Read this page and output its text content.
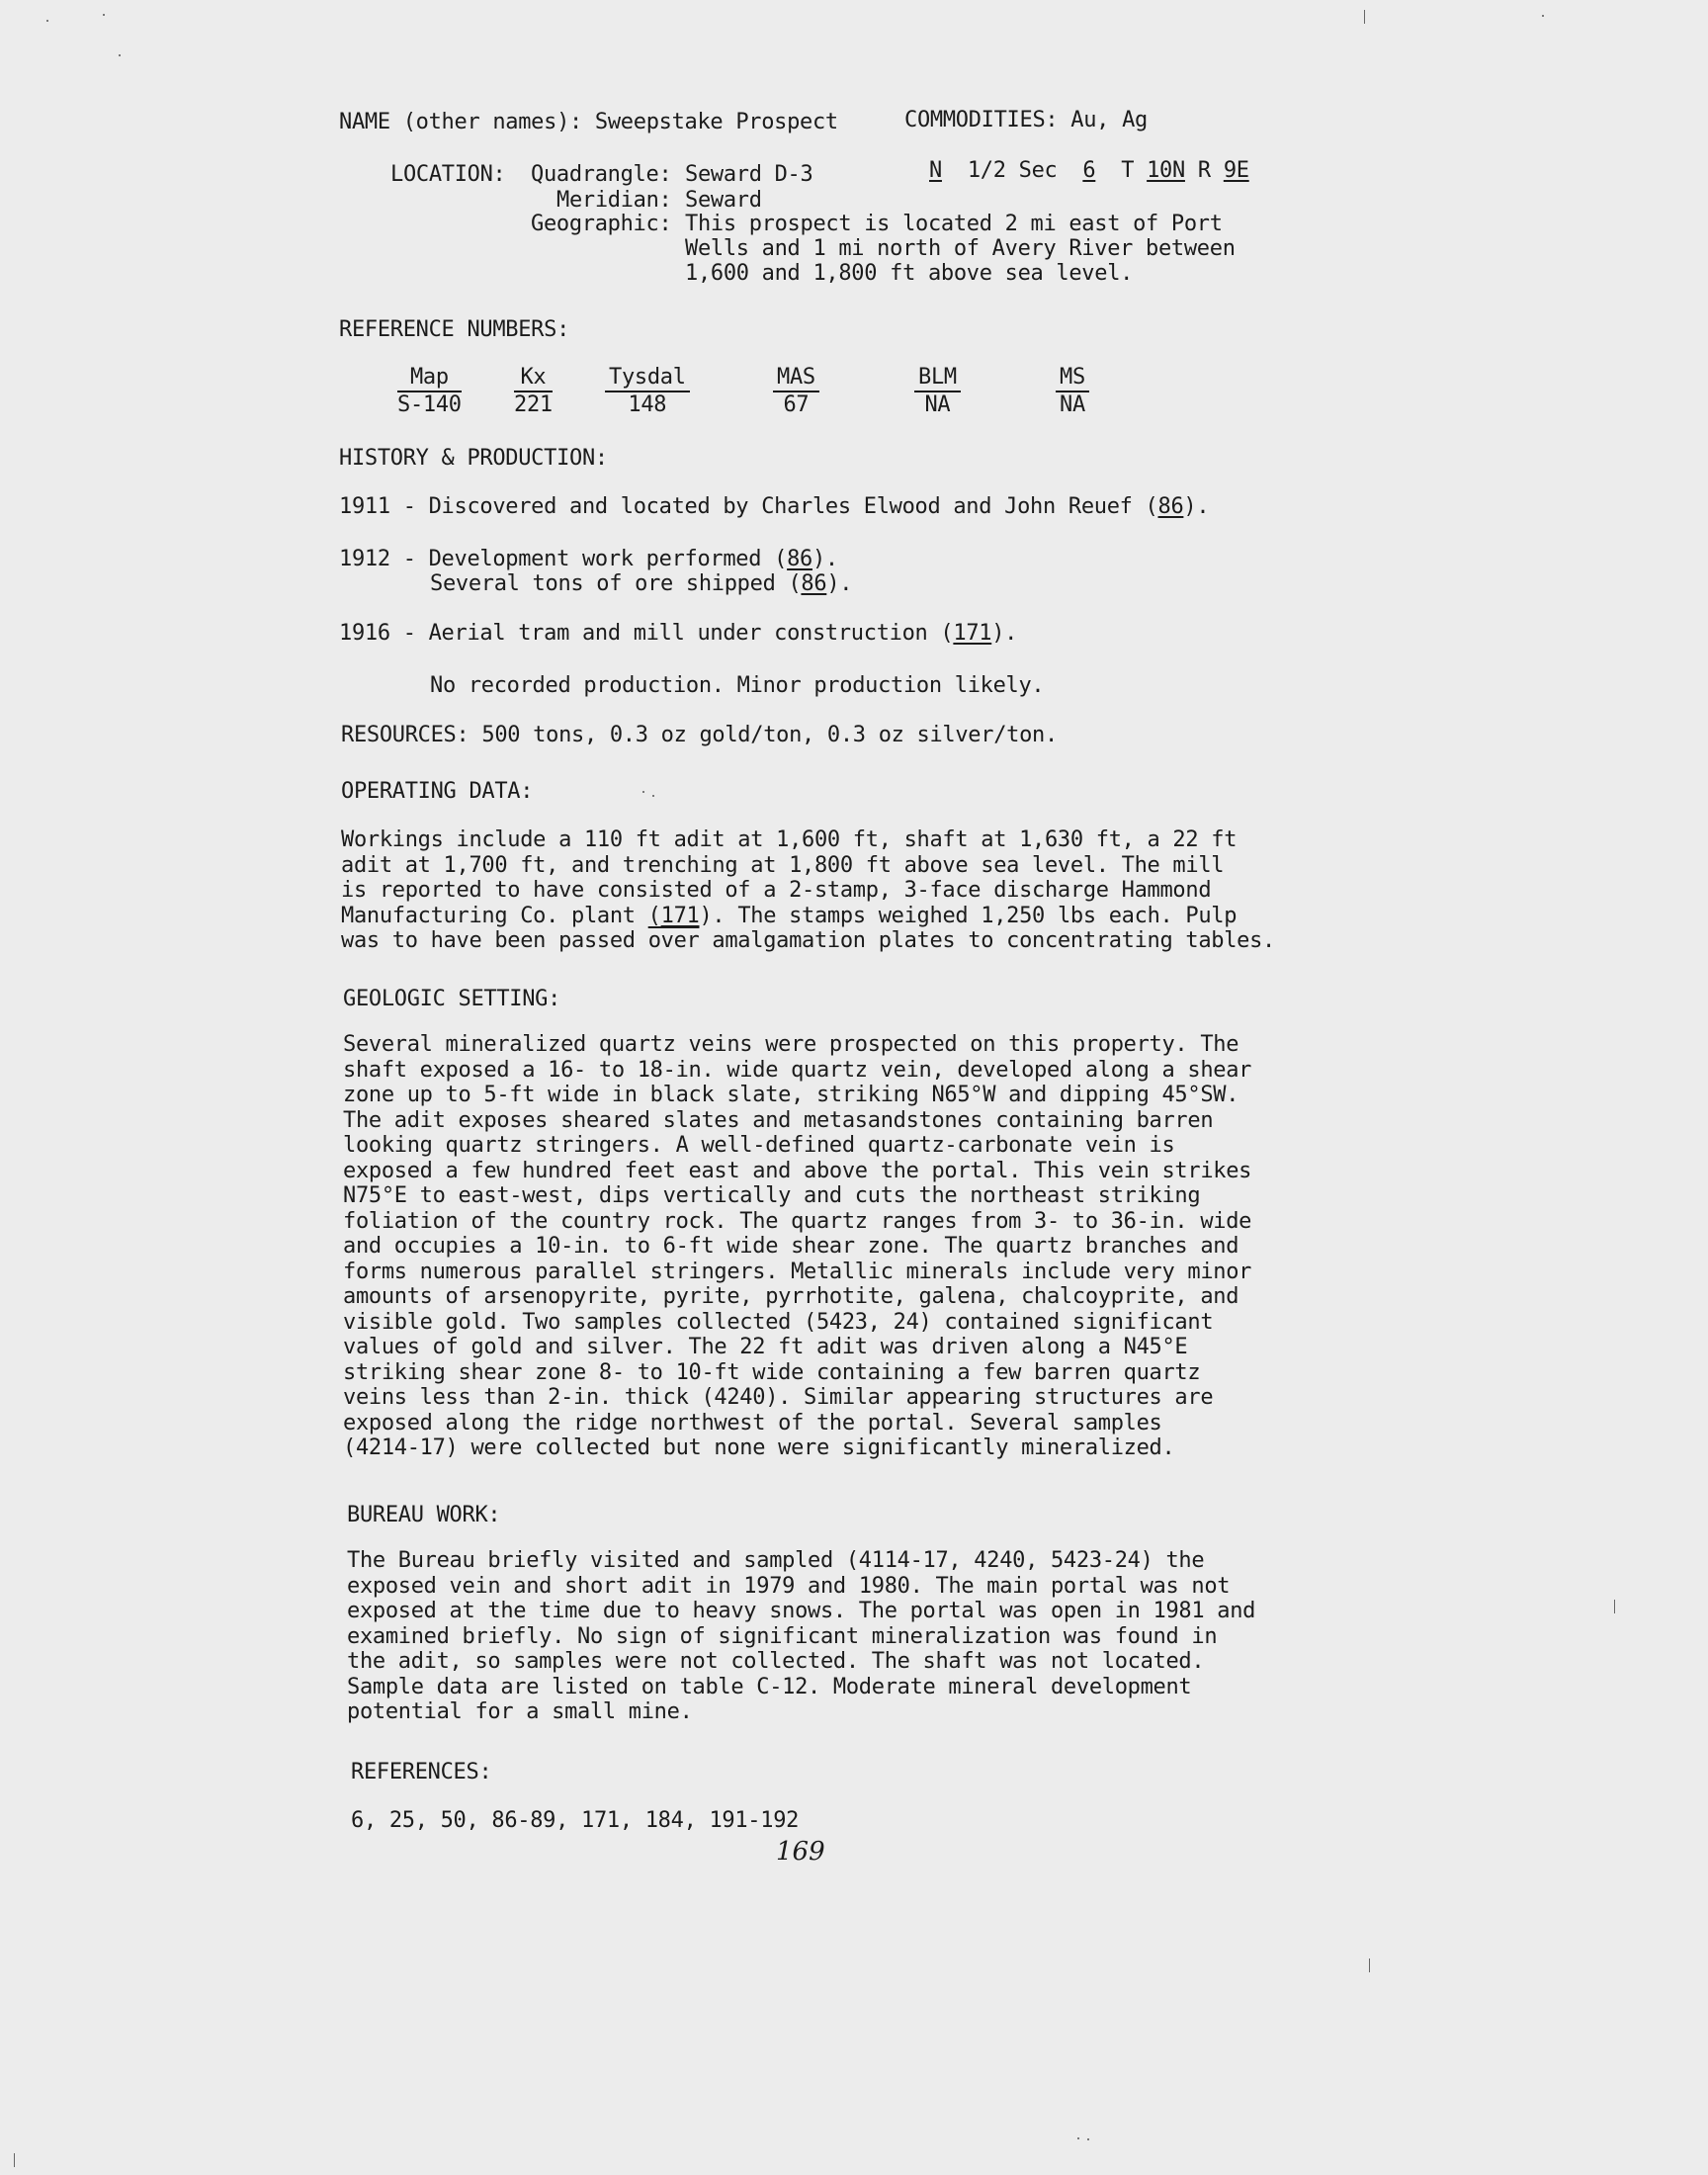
NAME (other names): Sweepstake Prospect	COMMODITIES: Au, Ag
LOCATION: Quadrangle: Seward D-3	N 1/2 Sec 6 T 10N R 9E
Meridian: Seward
Geographic: This prospect is located 2 mi east of Port
Wells and 1 mi north of Avery River between
1,600 and 1,800 ft above sea level.
REFERENCE NUMBERS:
Map
S-140
Kx
221
Tysdal
148
MAS
67
BLM
NA
MS
NA
HISTORY & PRODUCTION:
1911 - Discovered and located by Charles Elwood and John Reuef (86).
1912 - Development work performed (86).
Several tons of ore shipped (86).
1916 - Aerial tram and mill under construction (171).
No recorded production. Minor production likely.
RESOURCES: 500 tons, 0.3 oz gold/ton, 0.3 oz silver/ton.
OPERATING DATA:
Workings include a 110 ft adit at 1,600 ft, shaft at 1,630 ft, a 22 ft
adit at 1,700 ft, and trenching at 1,800 ft above sea level. The mill
is reported to have consisted of a 2-stamp, 3-face discharge Hammond
Manufacturing Co. plant (171). The stamps weighed 1,250 lbs each. Pulp
was to have been passed over amalgamation plates to concentrating tables.
GEOLOGIC SETTING:
Several mineralized quartz veins were prospected on this property. The
shaft exposed a 16- to 18-in. wide quartz vein, developed along a shear
zone up to 5-ft wide in black slate, striking N65°W and dipping 45°SW.
The adit exposes sheared slates and metasandstones containing barren
looking quartz stringers. A well-defined quartz-carbonate vein is
exposed a few hundred feet east and above the portal. This vein strikes
N75°E to east-west, dips vertically and cuts the northeast striking
foliation of the country rock. The quartz ranges from 3- to 36-in. wide
and occupies a 10-in. to 6-ft wide shear zone. The quartz branches and
forms numerous parallel stringers. Metallic minerals include very minor
amounts of arsenopyrite, pyrite, pyrrhotite, galena, chalcoyprite, and
visible gold. Two samples collected (5423, 24) contained significant
values of gold and silver. The 22 ft adit was driven along a N45°E
striking shear zone 8- to 10-ft wide containing a few barren quartz
veins less than 2-in. thick (4240). Similar appearing structures are
exposed along the ridge northwest of the portal. Several samples
(4214-17) were collected but none were significantly mineralized.
BUREAU WORK:
The Bureau briefly visited and sampled (4114-17, 4240, 5423-24) the
exposed vein and short adit in 1979 and 1980. The main portal was not
exposed at the time due to heavy snows. The portal was open in 1981 and
examined briefly. No sign of significant mineralization was found in
the adit, so samples were not collected. The shaft was not located.
Sample data are listed on table C-12. Moderate mineral development
potential for a small mine.
REFERENCES:
6, 25, 50, 86-89, 171, 184, 191-192
169
